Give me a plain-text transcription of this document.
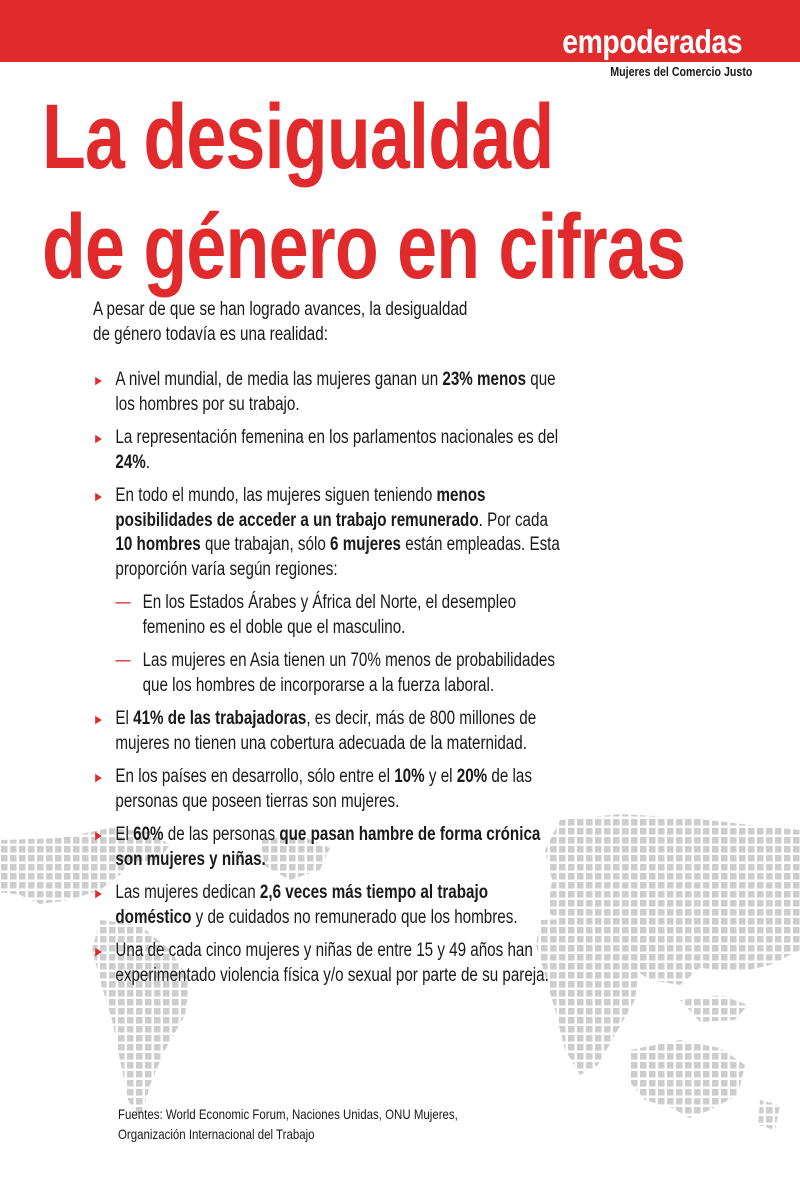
empoderadas
Mujeres del Comercio Justo
La desigualdad
de género en cifras

A pesar de que se han logrado avances, la desigualdad de género todavía es una realidad:

► A nivel mundial, de media las mujeres ganan un 23% menos que los hombres por su trabajo.
► La representación femenina en los parlamentos nacionales es del 24%.
► En todo el mundo, las mujeres siguen teniendo menos posibilidades de acceder a un trabajo remunerado. Por cada 10 hombres que trabajan, sólo 6 mujeres están empleadas. Esta proporción varía según regiones:
— En los Estados Árabes y África del Norte, el desempleo femenino es el doble que el masculino.
— Las mujeres en Asia tienen un 70% menos de probabilidades que los hombres de incorporarse a la fuerza laboral.
► El 41% de las trabajadoras, es decir, más de 800 millones de mujeres no tienen una cobertura adecuada de la maternidad.
► En los países en desarrollo, sólo entre el 10% y el 20% de las personas que poseen tierras son mujeres.
► El 60% de las personas que pasan hambre de forma crónica son mujeres y niñas.
► Las mujeres dedican 2,6 veces más tiempo al trabajo doméstico y de cuidados no remunerado que los hombres.
► Una de cada cinco mujeres y niñas de entre 15 y 49 años han experimentado violencia física y/o sexual por parte de su pareja.
Fuentes: World Economic Forum, Naciones Unidas, ONU Mujeres, Organización Internacional del Trabajo
